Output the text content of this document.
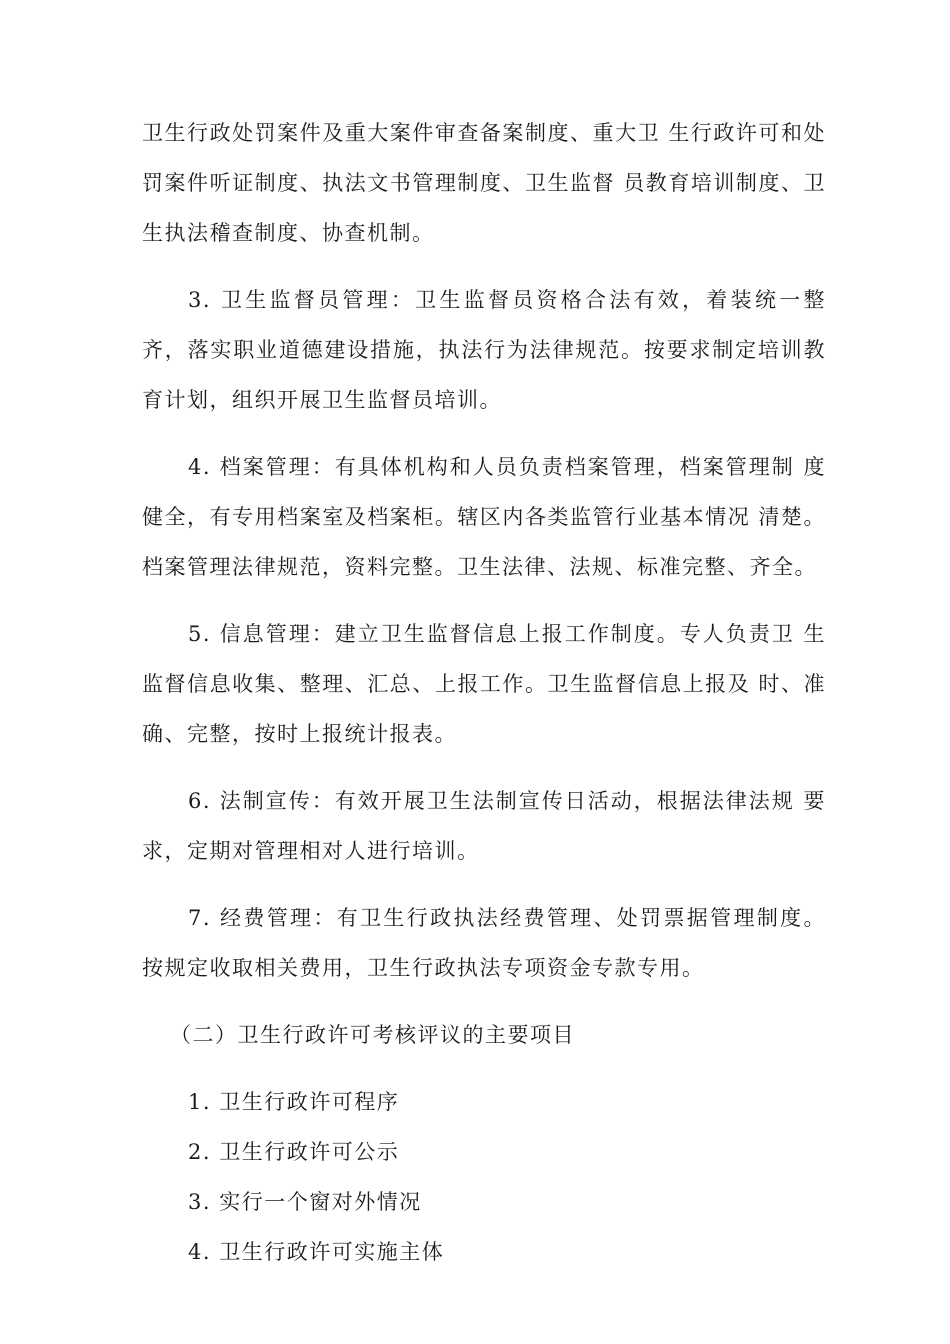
卫生行政处罚案件及重大案件审查备案制度、重大卫 生行政许可和处罚案件听证制度、执法文书管理制度、卫生监督 员教育培训制度、卫生执法稽查制度、协查机制。

3. 卫生监督员管理：卫生监督员资格合法有效，着装统一整齐，落实职业道德建设措施，执法行为法律规范。按要求制定培训教育计划，组织开展卫生监督员培训。

4. 档案管理：有具体机构和人员负责档案管理，档案管理制 度健全，有专用档案室及档案柜。辖区内各类监管行业基本情况 清楚。档案管理法律规范，资料完整。卫生法律、法规、标准完整、齐全。

5. 信息管理：建立卫生监督信息上报工作制度。专人负责卫 生监督信息收集、整理、汇总、上报工作。卫生监督信息上报及 时、准确、完整，按时上报统计报表。

6. 法制宣传：有效开展卫生法制宣传日活动，根据法律法规 要求，定期对管理相对人进行培训。

7. 经费管理：有卫生行政执法经费管理、处罚票据管理制度。按规定收取相关费用，卫生行政执法专项资金专款专用。

（二）卫生行政许可考核评议的主要项目

1. 卫生行政许可程序

2. 卫生行政许可公示

3. 实行一个窗对外情况

4. 卫生行政许可实施主体
